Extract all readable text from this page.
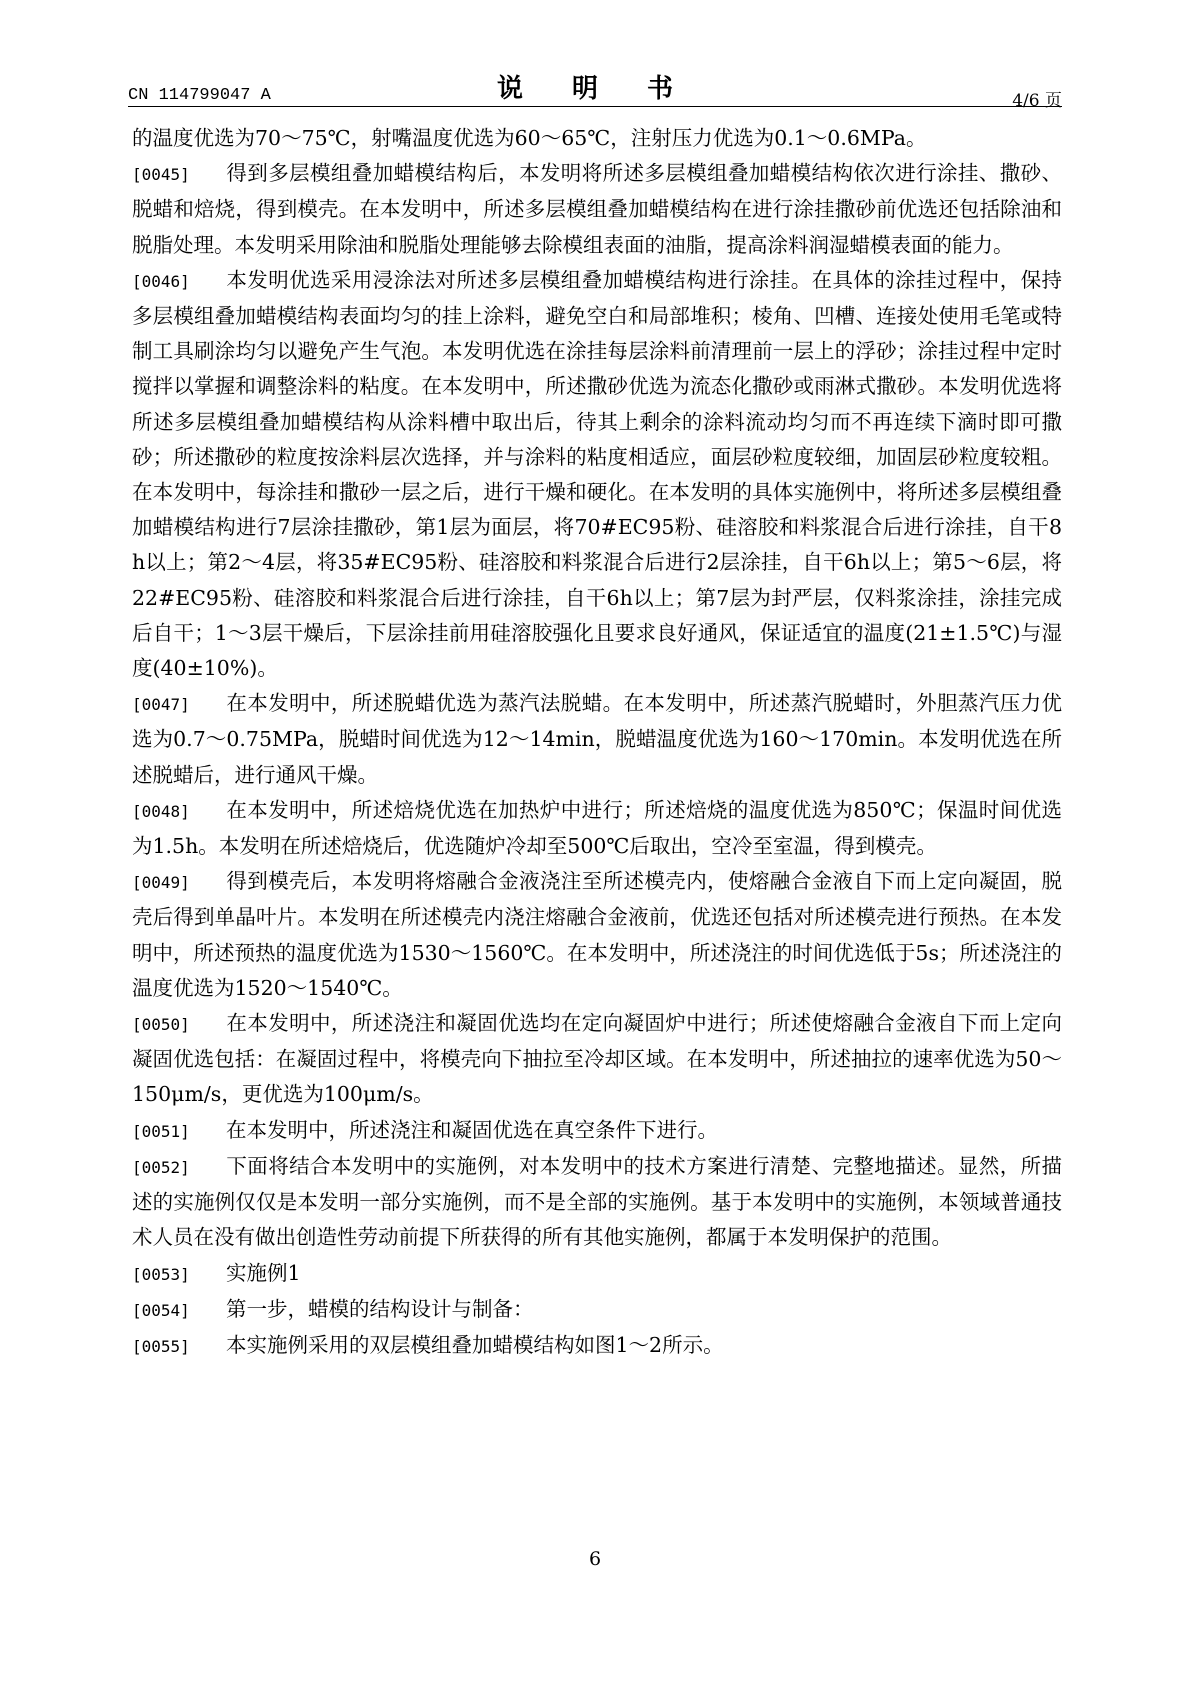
CN 114799047 A	说 明 书	4/6 页

的温度优选为70～75℃，射嘴温度优选为60～65℃，注射压力优选为0.1～0.6MPa。

[0045] 得到多层模组叠加蜡模结构后，本发明将所述多层模组叠加蜡模结构依次进行涂挂、撒砂、脱蜡和焙烧，得到模壳。在本发明中，所述多层模组叠加蜡模结构在进行涂挂撒砂前优选还包括除油和脱脂处理。本发明采用除油和脱脂处理能够去除模组表面的油脂，提高涂料润湿蜡模表面的能力。

[0046] 本发明优选采用浸涂法对所述多层模组叠加蜡模结构进行涂挂。在具体的涂挂过程中，保持多层模组叠加蜡模结构表面均匀的挂上涂料，避免空白和局部堆积；棱角、凹槽、连接处使用毛笔或特制工具刷涂均匀以避免产生气泡。本发明优选在涂挂每层涂料前清理前一层上的浮砂；涂挂过程中定时搅拌以掌握和调整涂料的粘度。在本发明中，所述撒砂优选为流态化撒砂或雨淋式撒砂。本发明优选将所述多层模组叠加蜡模结构从涂料槽中取出后，待其上剩余的涂料流动均匀而不再连续下滴时即可撒砂；所述撒砂的粒度按涂料层次选择，并与涂料的粘度相适应，面层砂粒度较细，加固层砂粒度较粗。在本发明中，每涂挂和撒砂一层之后，进行干燥和硬化。在本发明的具体实施例中，将所述多层模组叠加蜡模结构进行7层涂挂撒砂，第1层为面层，将70#EC95粉、硅溶胶和料浆混合后进行涂挂，自干8h以上；第2～4层，将35#EC95粉、硅溶胶和料浆混合后进行2层涂挂，自干6h以上；第5～6层，将22#EC95粉、硅溶胶和料浆混合后进行涂挂，自干6h以上；第7层为封严层，仅料浆涂挂，涂挂完成后自干；1～3层干燥后，下层涂挂前用硅溶胶强化且要求良好通风，保证适宜的温度(21±1.5℃)与湿度(40±10%)。

[0047] 在本发明中，所述脱蜡优选为蒸汽法脱蜡。在本发明中，所述蒸汽脱蜡时，外胆蒸汽压力优选为0.7～0.75MPa，脱蜡时间优选为12～14min，脱蜡温度优选为160～170min。本发明优选在所述脱蜡后，进行通风干燥。

[0048] 在本发明中，所述焙烧优选在加热炉中进行；所述焙烧的温度优选为850℃；保温时间优选为1.5h。本发明在所述焙烧后，优选随炉冷却至500℃后取出，空冷至室温，得到模壳。

[0049] 得到模壳后，本发明将熔融合金液浇注至所述模壳内，使熔融合金液自下而上定向凝固，脱壳后得到单晶叶片。本发明在所述模壳内浇注熔融合金液前，优选还包括对所述模壳进行预热。在本发明中，所述预热的温度优选为1530～1560℃。在本发明中，所述浇注的时间优选低于5s；所述浇注的温度优选为1520～1540℃。

[0050] 在本发明中，所述浇注和凝固优选均在定向凝固炉中进行；所述使熔融合金液自下而上定向凝固优选包括：在凝固过程中，将模壳向下抽拉至冷却区域。在本发明中，所述抽拉的速率优选为50～150μm/s，更优选为100μm/s。

[0051] 在本发明中，所述浇注和凝固优选在真空条件下进行。

[0052] 下面将结合本发明中的实施例，对本发明中的技术方案进行清楚、完整地描述。显然，所描述的实施例仅仅是本发明一部分实施例，而不是全部的实施例。基于本发明中的实施例，本领域普通技术人员在没有做出创造性劳动前提下所获得的所有其他实施例，都属于本发明保护的范围。

[0053] 实施例1

[0054] 第一步，蜡模的结构设计与制备：

[0055] 本实施例采用的双层模组叠加蜡模结构如图1～2所示。

6
